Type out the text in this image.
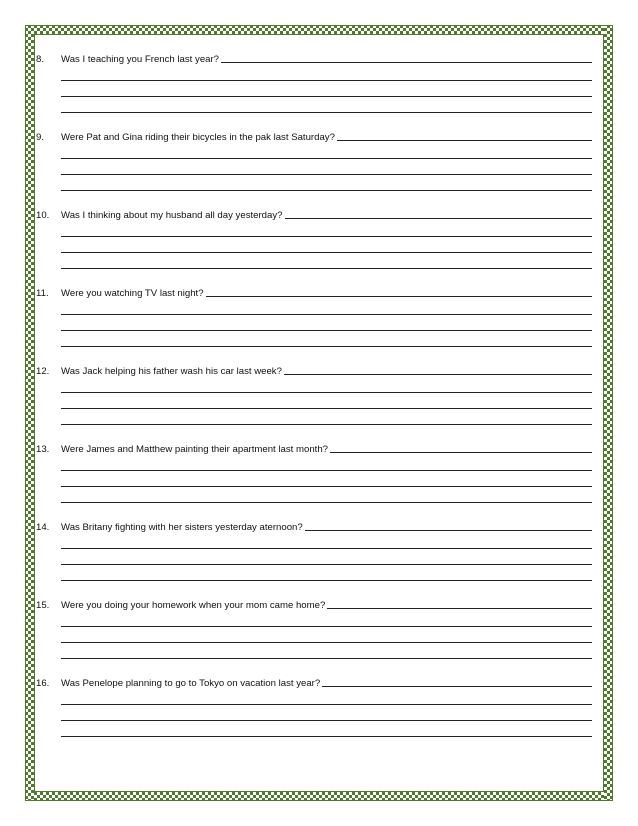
8.	Was I teaching you French last year?
9.	Were Pat and Gina riding their bicycles in the pak last Saturday?
10.	Was I thinking about my husband all day yesterday?
11.	Were you watching TV last night?
12.	Was Jack helping his father wash his car last week?
13.	Were James and Matthew painting their apartment last month?
14.	Was Britany fighting with her sisters yesterday aternoon?
15.	Were you doing your homework when your mom came home?
16.	Was Penelope planning to go to Tokyo on vacation last year?
